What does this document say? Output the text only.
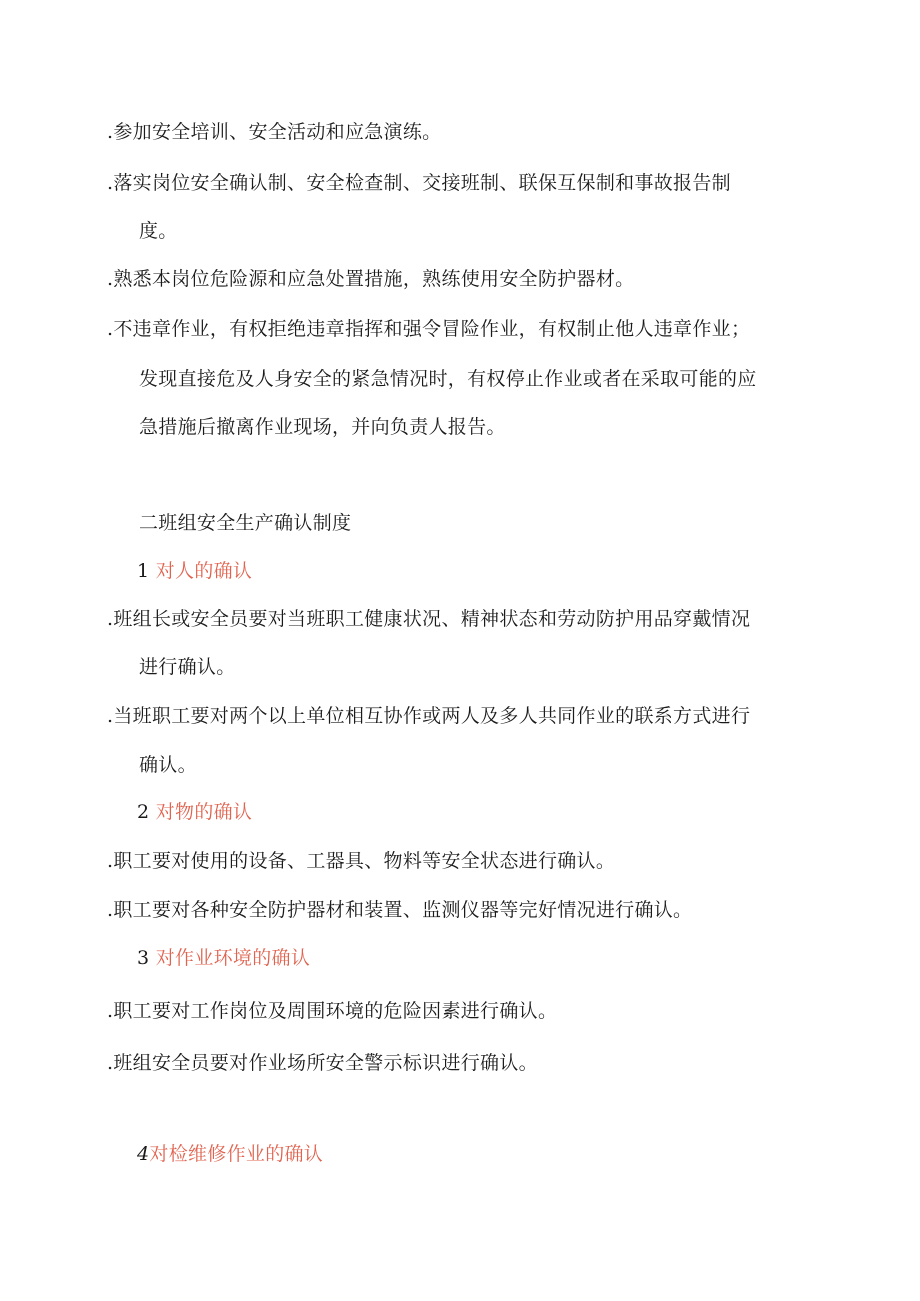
.参加安全培训、安全活动和应急演练。
.落实岗位安全确认制、安全检查制、交接班制、联保互保制和事故报告制
度。
.熟悉本岗位危险源和应急处置措施，熟练使用安全防护器材。
.不违章作业，有权拒绝违章指挥和强令冒险作业，有权制止他人违章作业；
发现直接危及人身安全的紧急情况时，有权停止作业或者在采取可能的应
急措施后撤离作业现场，并向负责人报告。
二班组安全生产确认制度
1 对人的确认
.班组长或安全员要对当班职工健康状况、精神状态和劳动防护用品穿戴情况
进行确认。
.当班职工要对两个以上单位相互协作或两人及多人共同作业的联系方式进行
确认。
2 对物的确认
.职工要对使用的设备、工器具、物料等安全状态进行确认。
.职工要对各种安全防护器材和装置、监测仪器等完好情况进行确认。
3 对作业环境的确认
.职工要对工作岗位及周围环境的危险因素进行确认。
.班组安全员要对作业场所安全警示标识进行确认。
4对检维修作业的确认
